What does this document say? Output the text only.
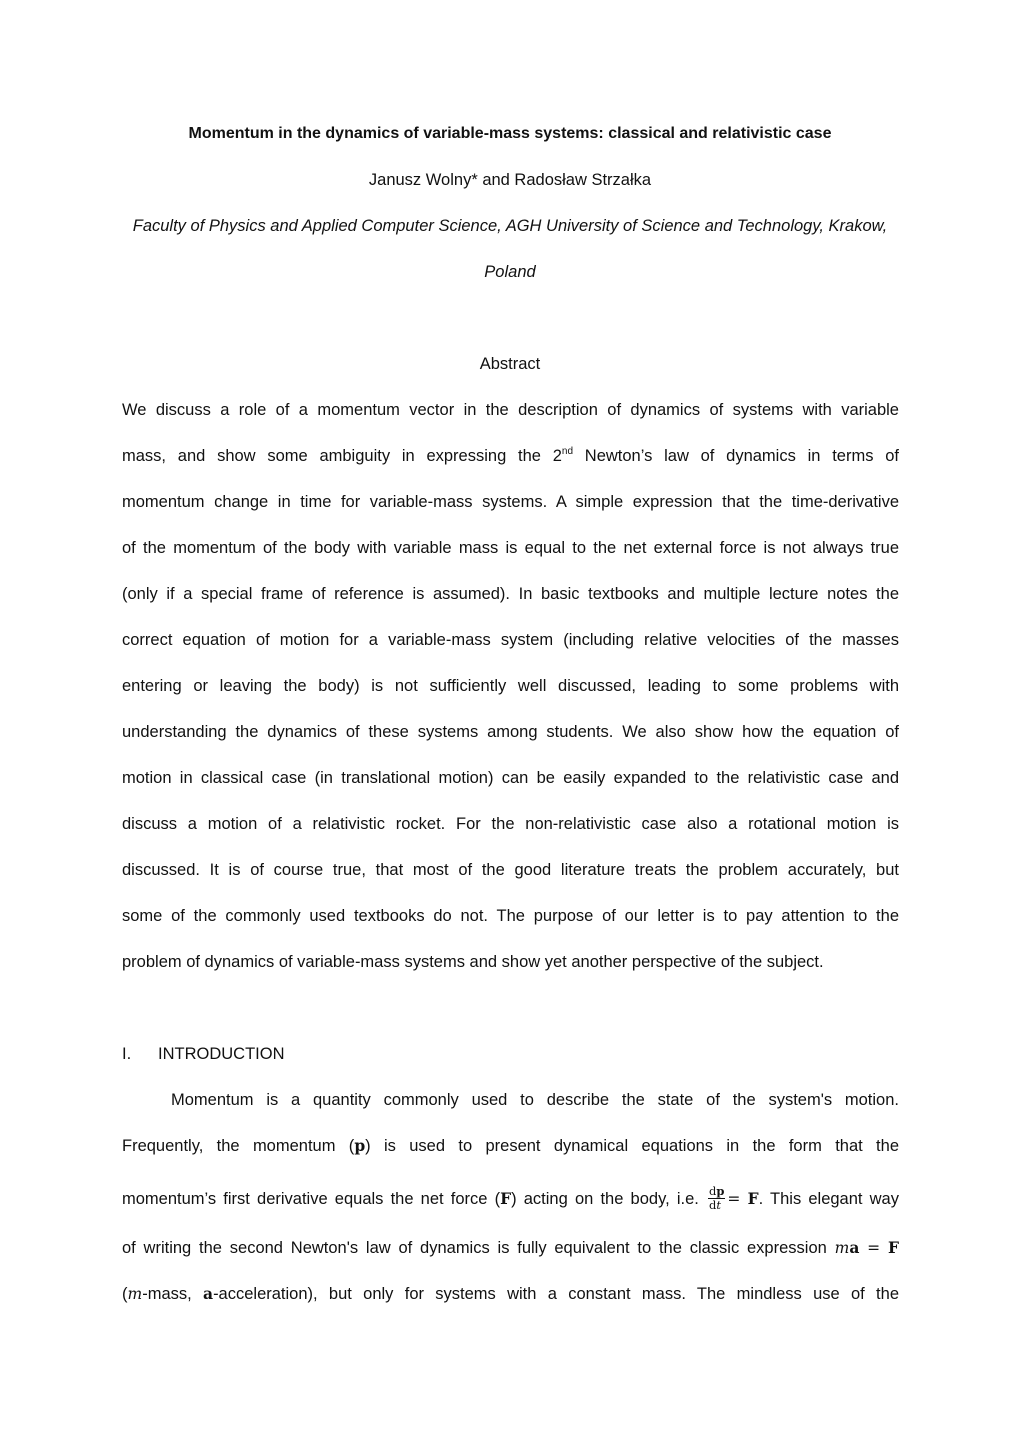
Momentum in the dynamics of variable-mass systems: classical and relativistic case
Janusz Wolny* and Radosław Strzałka
Faculty of Physics and Applied Computer Science, AGH University of Science and Technology, Krakow,
Poland
Abstract
We discuss a role of a momentum vector in the description of dynamics of systems with variable
mass, and show some ambiguity in expressing the 2nd Newton’s law of dynamics in terms of
momentum change in time for variable-mass systems. A simple expression that the time-derivative
of the momentum of the body with variable mass is equal to the net external force is not always true
(only if a special frame of reference is assumed). In basic textbooks and multiple lecture notes the
correct equation of motion for a variable-mass system (including relative velocities of the masses
entering or leaving the body) is not sufficiently well discussed, leading to some problems with
understanding the dynamics of these systems among students. We also show how the equation of
motion in classical case (in translational motion) can be easily expanded to the relativistic case and
discuss a motion of a relativistic rocket. For the non-relativistic case also a rotational motion is
discussed. It is of course true, that most of the good literature treats the problem accurately, but
some of the commonly used textbooks do not. The purpose of our letter is to pay attention to the
problem of dynamics of variable-mass systems and show yet another perspective of the subject.
I. INTRODUCTION
Momentum is a quantity commonly used to describe the state of the system's motion.
Frequently, the momentum (p) is used to present dynamical equations in the form that the
momentum’s first derivative equals the net force (F) acting on the body, i.e. $\frac{dp}{dt} = F$. This elegant way
of writing the second Newton's law of dynamics is fully equivalent to the classic expression ma = F
(m-mass, a-acceleration), but only for systems with a constant mass. The mindless use of the
